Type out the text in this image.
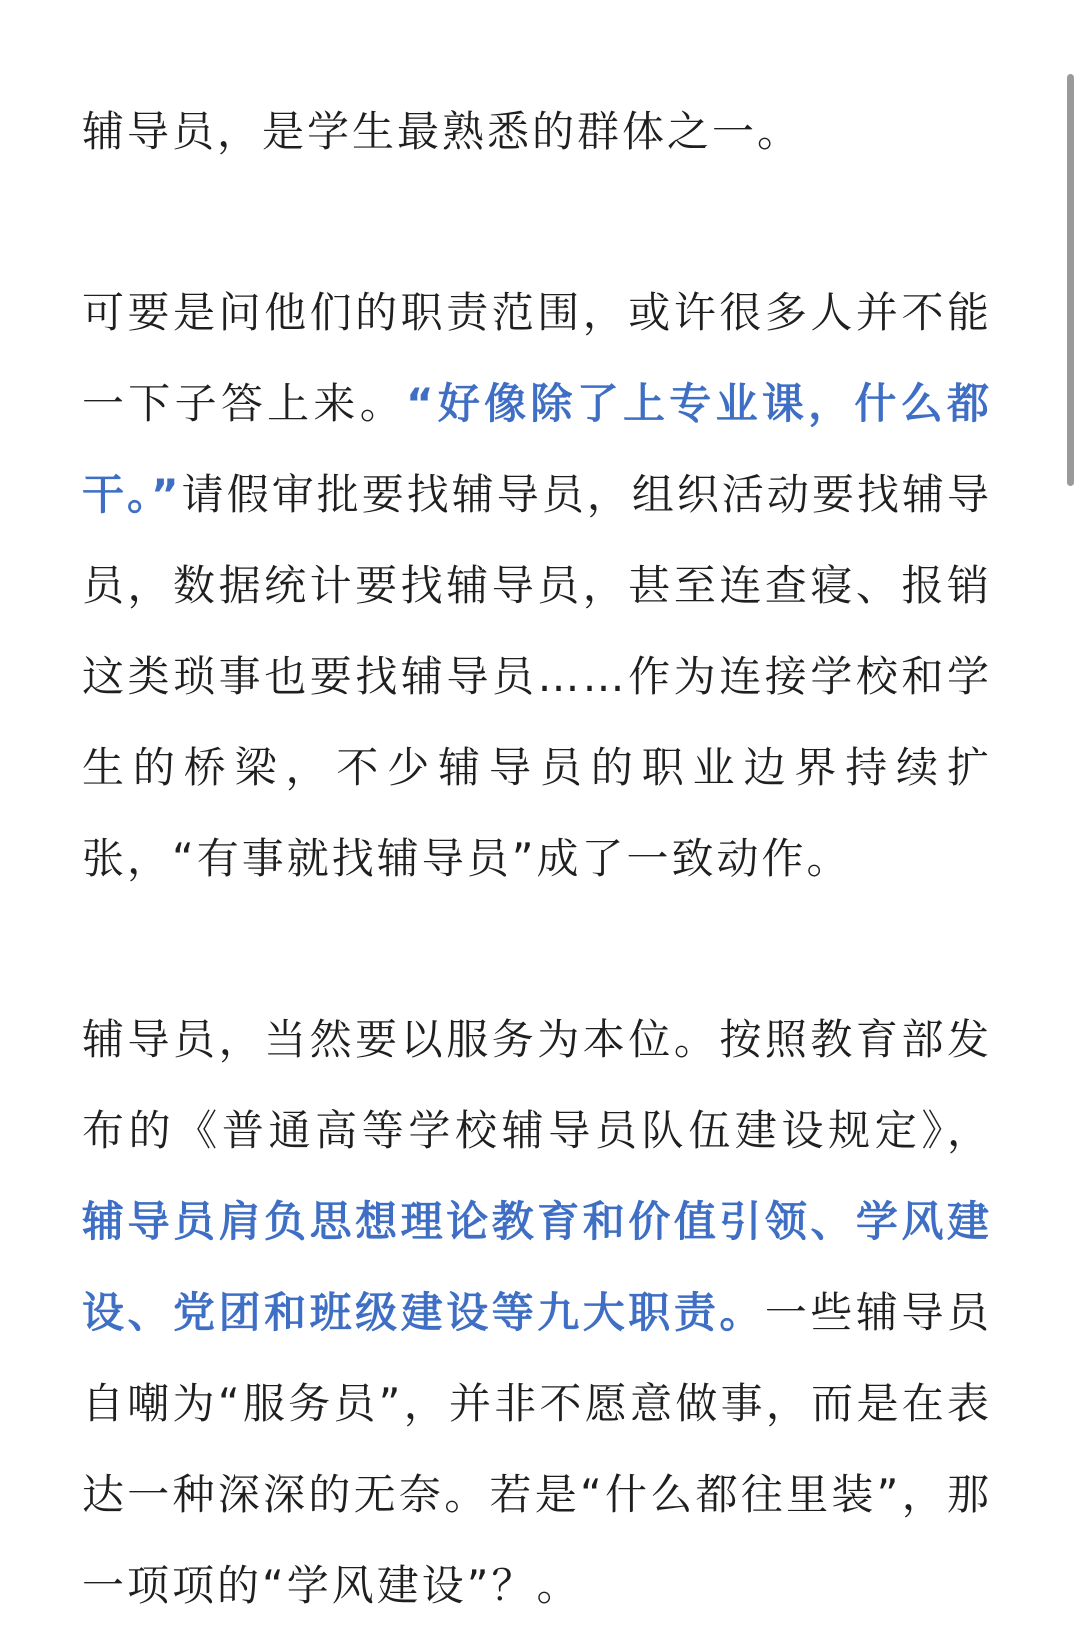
辅导员，是学生最熟悉的群体之一。

可要是问他们的职责范围，或许很多人并不能一下子答上来。“好像除了上专业课，什么都干。”请假审批要找辅导员，组织活动要找辅导员，数据统计要找辅导员，甚至连查寝、报销这类琐事也要找辅导员……作为连接学校和学生的桥梁，不少辅导员的职业边界持续扩张，“有事就找辅导员”成了一致动作。

辅导员，当然要以服务为本位。按照教育部发布的《普通高等学校辅导员队伍建设规定》，辅导员肩负思想理论教育和价值引领、学风建设、党团和班级建设等九大职责。一些辅导员自嘲为“服务员”，并非不愿意做事，而是在表达一种深深的无奈。若是“什么都往里装”，那一项项的“学风建设”？。
